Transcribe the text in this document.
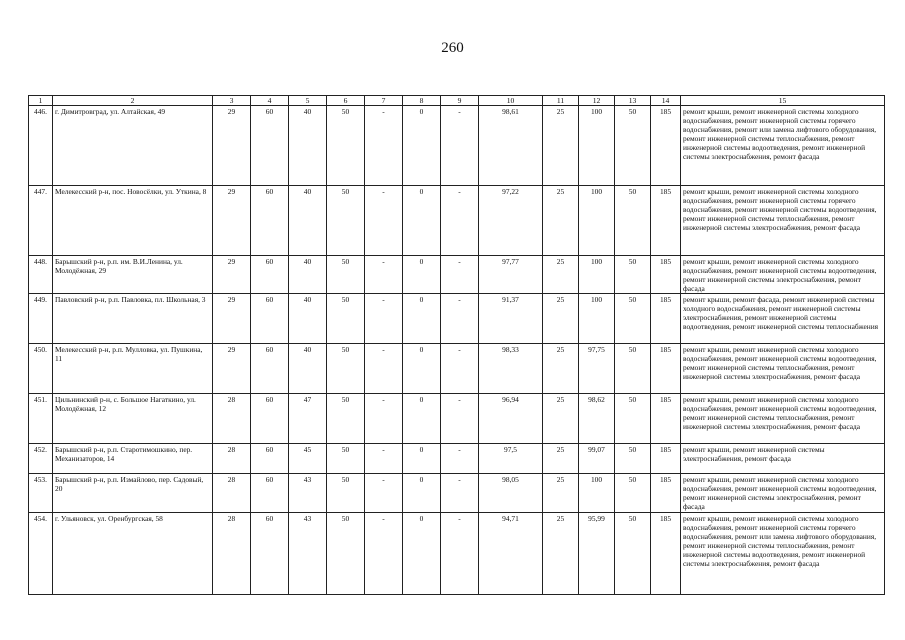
260
1	2	3	4	5	6	7	8	9	10	11	12	13	14	15
446.	г. Димитровград, ул. Алтайская, 49	29	60	40	50	-	0	-	98,61	25	100	50	185	ремонт крыши, ремонт инженерной системы холодного водоснабжения, ремонт инженерной системы горячего водоснабжения, ремонт или замена лифтового оборудования, ремонт инженерной системы теплоснабжения, ремонт инженерной системы водоотведения, ремонт инженерной системы электроснабжения, ремонт фасада
447.	Мелекесский р-н, пос. Новосёлки, ул. Уткина, 8	29	60	40	50	-	0	-	97,22	25	100	50	185	ремонт крыши, ремонт инженерной системы холодного водоснабжения, ремонт инженерной системы горячего водоснабжения, ремонт инженерной системы водоотведения, ремонт инженерной системы теплоснабжения, ремонт инженерной системы электроснабжения, ремонт фасада
448.	Барышский р-н, р.п. им. В.И.Ленина, ул. Молодёжная, 29	29	60	40	50	-	0	-	97,77	25	100	50	185	ремонт крыши, ремонт инженерной системы холодного водоснабжения, ремонт инженерной системы водоотведения, ремонт инженерной системы электроснабжения, ремонт фасада
449.	Павловский р-н, р.п. Павловка, пл. Школьная, 3	29	60	40	50	-	0	-	91,37	25	100	50	185	ремонт крыши, ремонт фасада, ремонт инженерной системы холодного водоснабжения, ремонт инженерной системы электроснабжения, ремонт инженерной системы водоотведения, ремонт инженерной системы теплоснабжения
450.	Мелекесский р-н, р.п. Мулловка, ул. Пушкина, 11	29	60	40	50	-	0	-	98,33	25	97,75	50	185	ремонт крыши, ремонт инженерной системы холодного водоснабжения, ремонт инженерной системы водоотведения, ремонт инженерной системы теплоснабжения, ремонт инженерной системы электроснабжения, ремонт фасада
451.	Цильнинский р-н, с. Большое Нагаткино, ул. Молодёжная, 12	28	60	47	50	-	0	-	96,94	25	98,62	50	185	ремонт крыши, ремонт инженерной системы холодного водоснабжения, ремонт инженерной системы водоотведения, ремонт инженерной системы теплоснабжения, ремонт инженерной системы электроснабжения, ремонт фасада
452.	Барышский р-н, р.п. Старотимошкино, пер. Механизаторов, 14	28	60	45	50	-	0	-	97,5	25	99,07	50	185	ремонт крыши, ремонт инженерной системы электроснабжения, ремонт фасада
453.	Барышский р-н, р.п. Измайлово, пер. Садовый, 20	28	60	43	50	-	0	-	98,05	25	100	50	185	ремонт крыши, ремонт инженерной системы холодного водоснабжения, ремонт инженерной системы водоотведения, ремонт инженерной системы электроснабжения, ремонт фасада
454.	г. Ульяновск, ул. Оренбургская, 58	28	60	43	50	-	0	-	94,71	25	95,99	50	185	ремонт крыши, ремонт инженерной системы холодного водоснабжения, ремонт инженерной системы горячего водоснабжения, ремонт или замена лифтового оборудования, ремонт инженерной системы теплоснабжения, ремонт инженерной системы водоотведения, ремонт инженерной системы электроснабжения, ремонт фасада
